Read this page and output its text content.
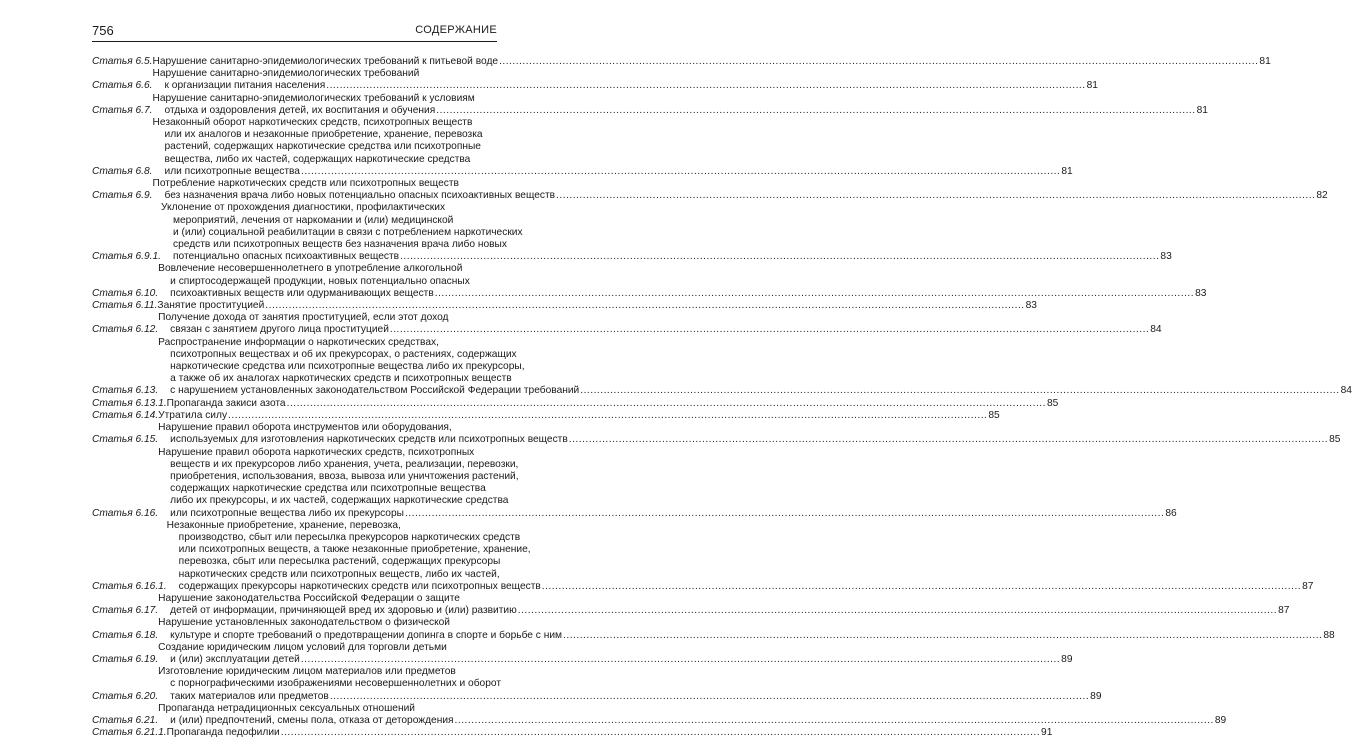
756	СОДЕРЖАНИЕ
Статья 6.5. Нарушение санитарно-эпидемиологических требований к питьевой воде .....	81
Статья 6.6.
Нарушение санитарно-эпидемиологических требований
к организации питания населения .....	81
Статья 6.7.
Нарушение санитарно-эпидемиологических требований к условиям
отдыха и оздоровления детей, их воспитания и обучения .....	81
Статья 6.8.
Незаконный оборот наркотических средств, психотропных веществ
или их аналогов и незаконные приобретение, хранение, перевозка
растений, содержащих наркотические средства или психотропные
вещества, либо их частей, содержащих наркотические средства
или психотропные вещества .....	81
Статья 6.9.
Потребление наркотических средств или психотропных веществ
без назначения врача либо новых потенциально опасных психоактивных веществ .....	82
Статья 6.9.1.
Уклонение от прохождения диагностики, профилактических
мероприятий, лечения от наркомании и (или) медицинской
и (или) социальной реабилитации в связи с потреблением наркотических
средств или психотропных веществ без назначения врача либо новых
потенциально опасных психоактивных веществ .....	83
Статья 6.10.
Вовлечение несовершеннолетнего в употребление алкогольной
и спиртосодержащей продукции, новых потенциально опасных
психоактивных веществ или одурманивающих веществ .....	83
Статья 6.11. Занятие проституцией .....	83
Статья 6.12.
Получение дохода от занятия проституцией, если этот доход
связан с занятием другого лица проституцией .....	84
Статья 6.13.
Распространение информации о наркотических средствах,
психотропных веществах и об их прекурсорах, о растениях, содержащих
наркотические средства или психотропные вещества либо их прекурсоры,
а также об их аналогах наркотических средств и психотропных веществ
с нарушением установленных законодательством Российской Федерации требований .....	84
Статья 6.13.1. Пропаганда закиси азота .....	85
Статья 6.14. Утратила силу .....	85
Статья 6.15.
Нарушение правил оборота инструментов или оборудования,
используемых для изготовления наркотических средств или психотропных веществ .....	85
Статья 6.16.
Нарушение правил оборота наркотических средств, психотропных
веществ и их прекурсоров либо хранения, учета, реализации, перевозки,
приобретения, использования, ввоза, вывоза или уничтожения растений,
содержащих наркотические средства или психотропные вещества
либо их прекурсоры, и их частей, содержащих наркотические средства
или психотропные вещества либо их прекурсоры .....	86
Статья 6.16.1.
Незаконные приобретение, хранение, перевозка,
производство, сбыт или пересылка прекурсоров наркотических средств
или психотропных веществ, а также незаконные приобретение, хранение,
перевозка, сбыт или пересылка растений, содержащих прекурсоры
наркотических средств или психотропных веществ, либо их частей,
содержащих прекурсоры наркотических средств или психотропных веществ .....	87
Статья 6.17.
Нарушение законодательства Российской Федерации о защите
детей от информации, причиняющей вред их здоровью и (или) развитию .....	87
Статья 6.18.
Нарушение установленных законодательством о физической
культуре и спорте требований о предотвращении допинга в спорте и борьбе с ним .....	88
Статья 6.19.
Создание юридическим лицом условий для торговли детьми
и (или) эксплуатации детей .....	89
Статья 6.20.
Изготовление юридическим лицом материалов или предметов
с порнографическими изображениями несовершеннолетних и оборот
таких материалов или предметов .....	89
Статья 6.21.
Пропаганда нетрадиционных сексуальных отношений
и (или) предпочтений, смены пола, отказа от деторождения .....	89
Статья 6.21.1. Пропаганда педофилии .....	91
